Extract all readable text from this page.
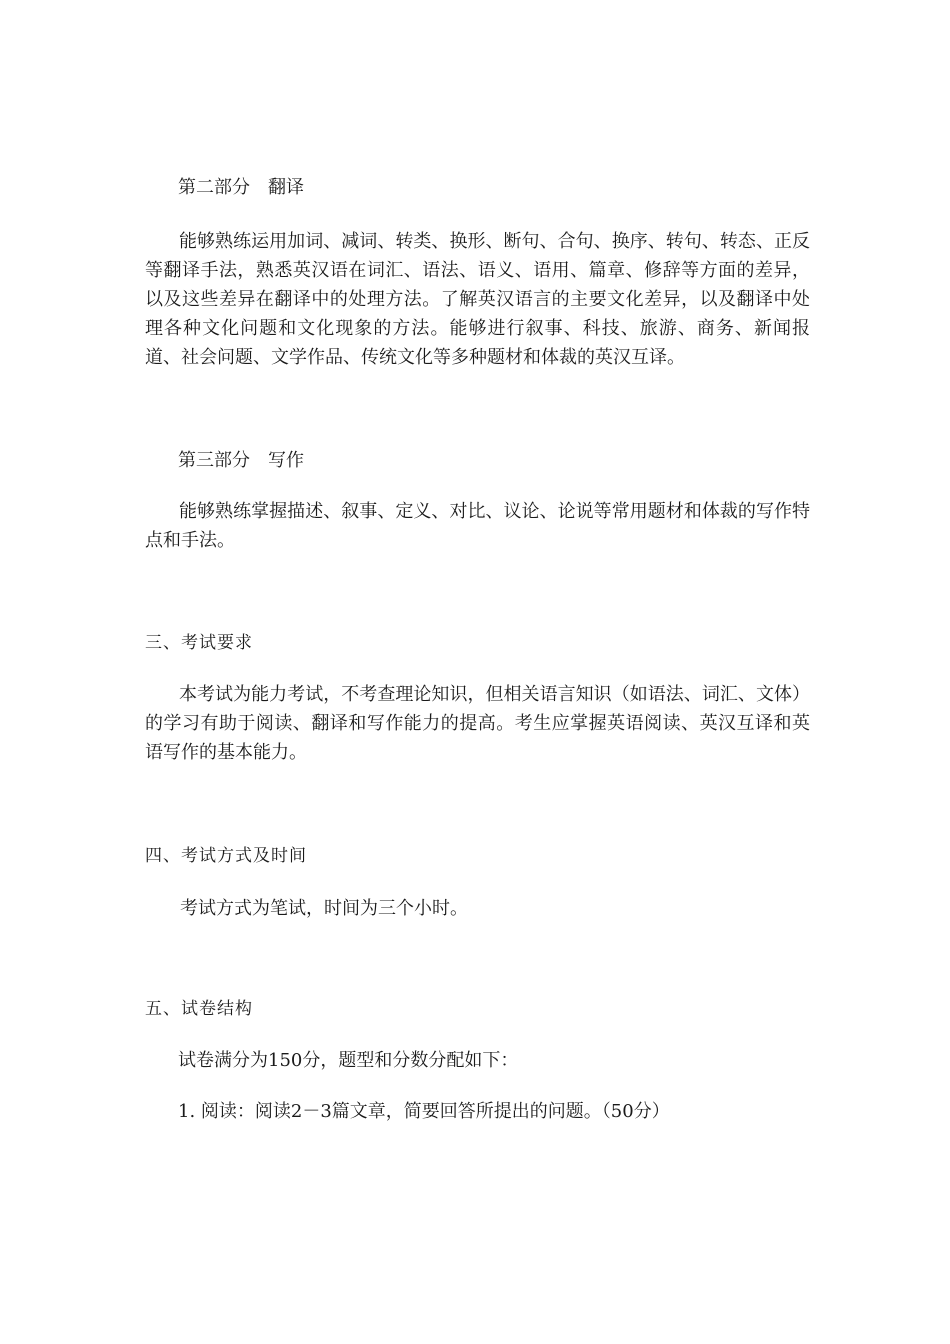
第二部分　翻译
能够熟练运用加词、减词、转类、换形、断句、合句、换序、转句、转态、正反等翻译手法，熟悉英汉语在词汇、语法、语义、语用、篇章、修辞等方面的差异，以及这些差异在翻译中的处理方法。了解英汉语言的主要文化差异，以及翻译中处理各种文化问题和文化现象的方法。能够进行叙事、科技、旅游、商务、新闻报道、社会问题、文学作品、传统文化等多种题材和体裁的英汉互译。
第三部分　写作
能够熟练掌握描述、叙事、定义、对比、议论、论说等常用题材和体裁的写作特点和手法。
三、考试要求
本考试为能力考试，不考查理论知识，但相关语言知识（如语法、词汇、文体）的学习有助于阅读、翻译和写作能力的提高。考生应掌握英语阅读、英汉互译和英语写作的基本能力。
四、考试方式及时间
考试方式为笔试，时间为三个小时。
五、试卷结构
试卷满分为150分，题型和分数分配如下：
1. 阅读：阅读2－3篇文章，简要回答所提出的问题。（50分）
